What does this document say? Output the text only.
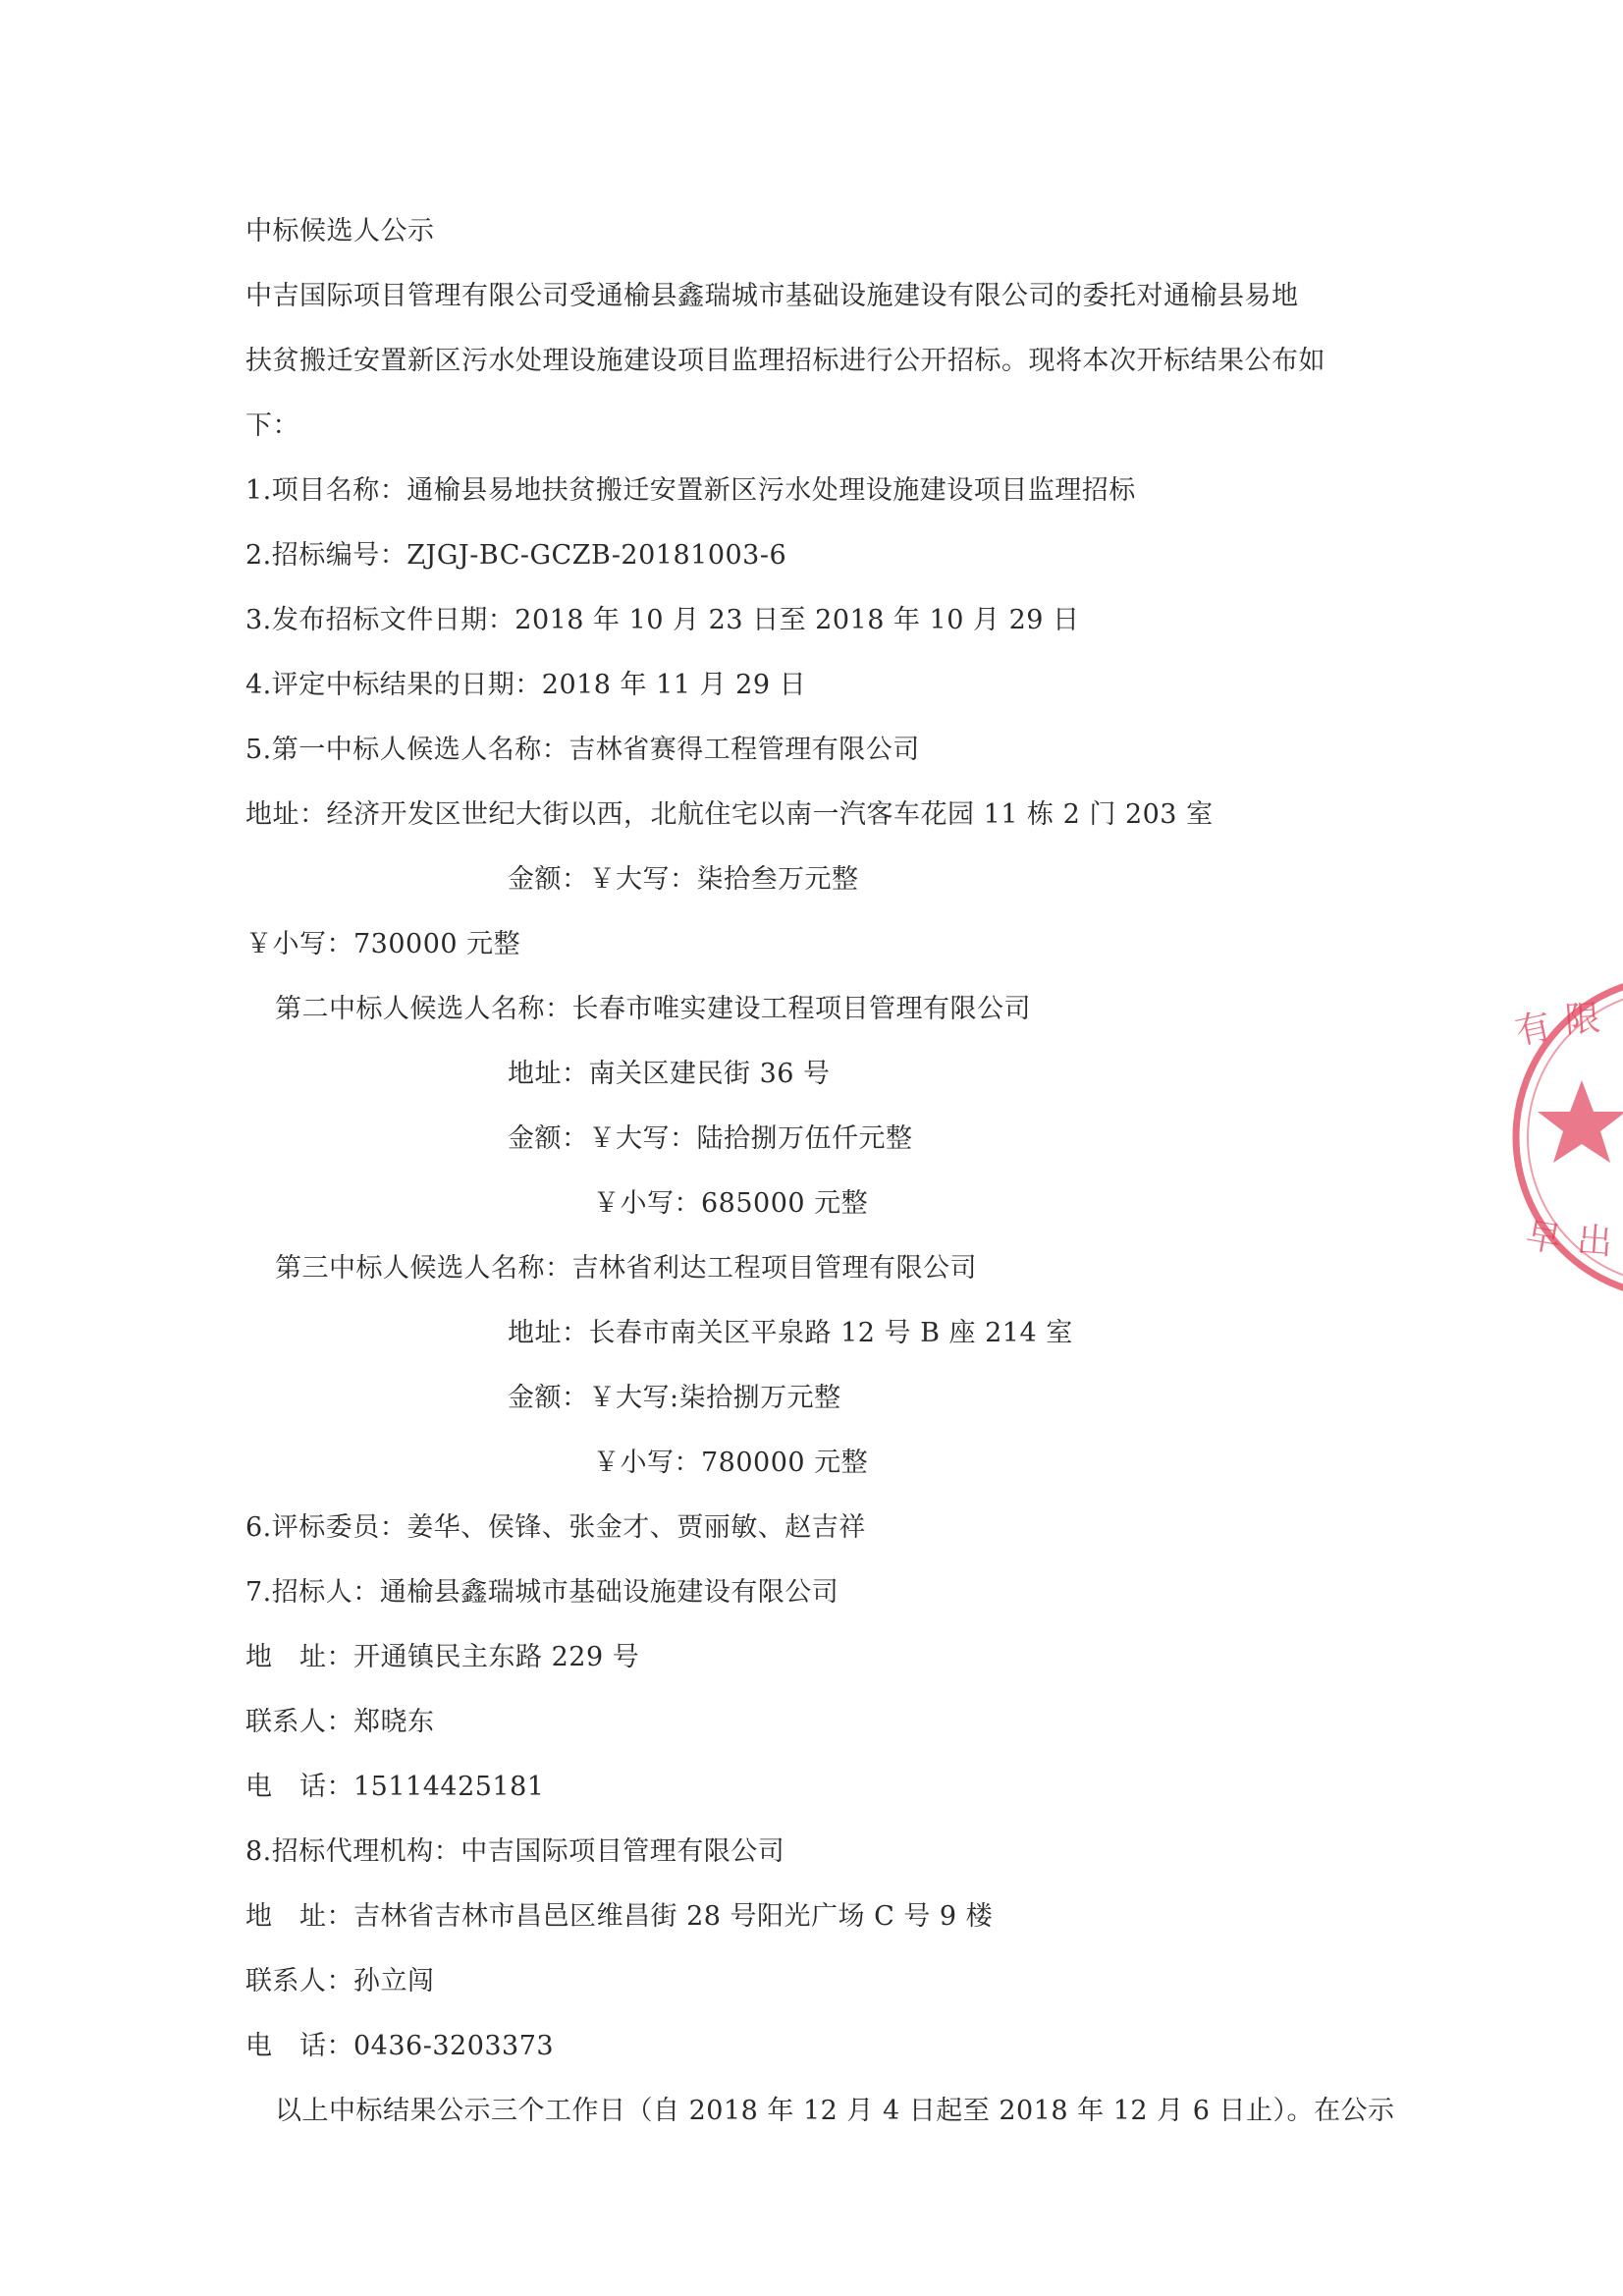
中标候选人公示
中吉国际项目管理有限公司受通榆县鑫瑞城市基础设施建设有限公司的委托对通榆县易地
扶贫搬迁安置新区污水处理设施建设项目监理招标进行公开招标。现将本次开标结果公布如
下：
1.项目名称：通榆县易地扶贫搬迁安置新区污水处理设施建设项目监理招标
2.招标编号：ZJGJ-BC-GCZB-20181003-6
3.发布招标文件日期：2018 年 10 月 23 日至 2018 年 10 月 29 日
4.评定中标结果的日期：2018 年 11 月 29 日
5.第一中标人候选人名称：吉林省赛得工程管理有限公司
地址：经济开发区世纪大街以西，北航住宅以南一汽客车花园 11 栋 2 门 203 室
金额：￥大写：柒拾叁万元整
￥小写：730000 元整
第二中标人候选人名称：长春市唯实建设工程项目管理有限公司
地址：南关区建民街 36 号
金额：￥大写：陆拾捌万伍仟元整
￥小写：685000 元整
第三中标人候选人名称：吉林省利达工程项目管理有限公司
地址：长春市南关区平泉路 12 号 B 座 214 室
金额：￥大写:柒拾捌万元整
￥小写：780000 元整
6.评标委员：姜华、侯锋、张金才、贾丽敏、赵吉祥
7.招标人：通榆县鑫瑞城市基础设施建设有限公司
地　址：开通镇民主东路 229 号
联系人：郑晓东
电　话：15114425181
8.招标代理机构：中吉国际项目管理有限公司
地　址：吉林省吉林市昌邑区维昌街 28 号阳光广场 C 号 9 楼
联系人：孙立闯
电　话：0436-3203373
以上中标结果公示三个工作日（自 2018 年 12 月 4 日起至 2018 年 12 月 6 日止）。在公示
有 限
早 出
